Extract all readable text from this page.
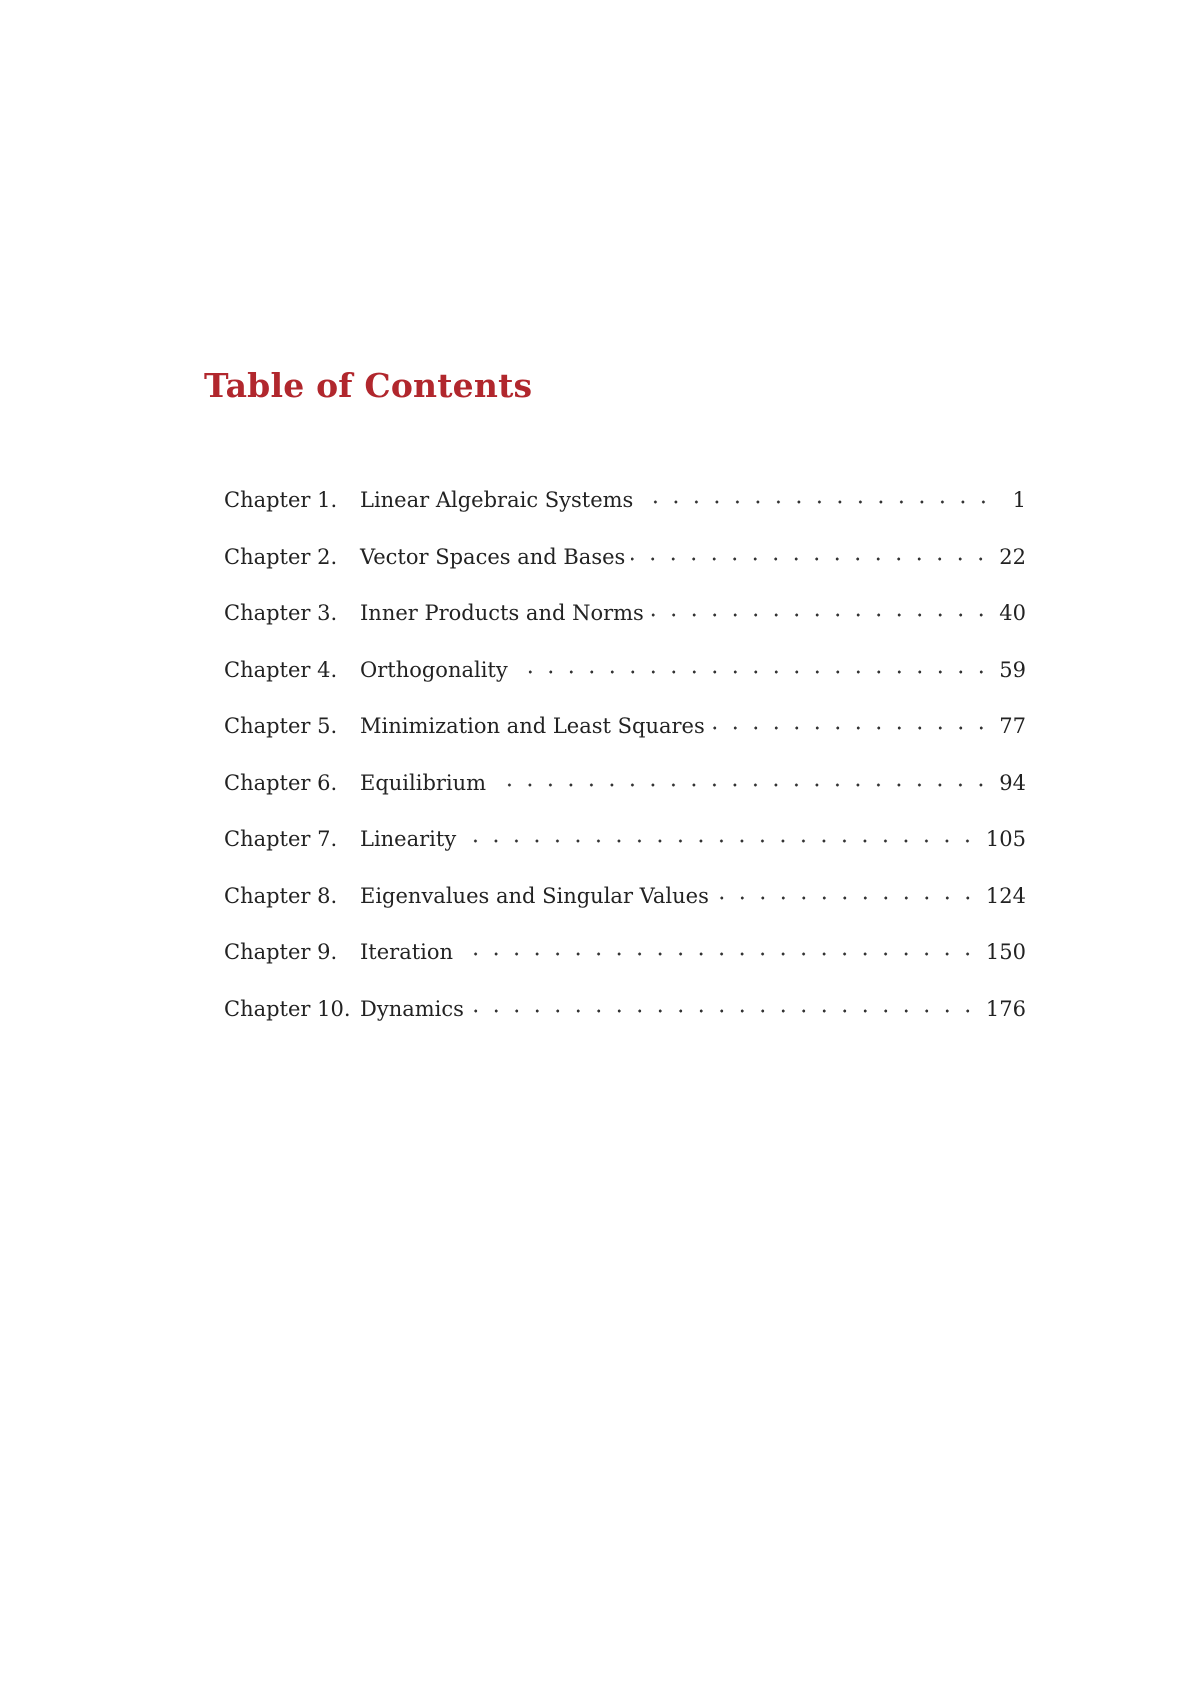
Table of Contents
Chapter 1.	Linear Algebraic Systems	1
Chapter 2.	Vector Spaces and Bases	22
Chapter 3.	Inner Products and Norms	40
Chapter 4.	Orthogonality	59
Chapter 5.	Minimization and Least Squares	77
Chapter 6.	Equilibrium	94
Chapter 7.	Linearity	105
Chapter 8.	Eigenvalues and Singular Values	124
Chapter 9.	Iteration	150
Chapter 10. Dynamics	176
